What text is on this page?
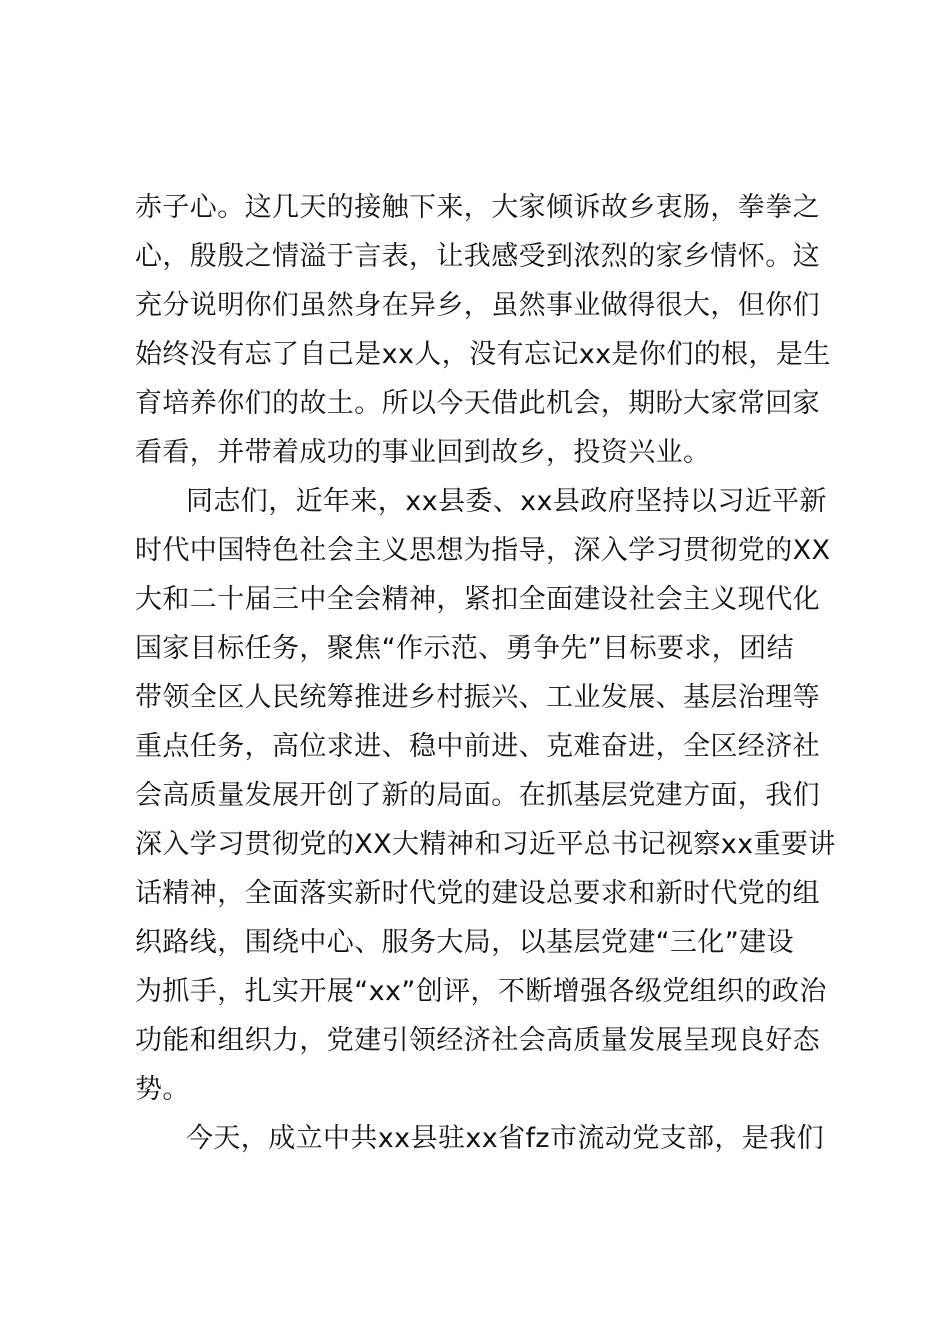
赤子心。这几天的接触下来，大家倾诉故乡衷肠，拳拳之
心，殷殷之情溢于言表，让我感受到浓烈的家乡情怀。这
充分说明你们虽然身在异乡，虽然事业做得很大，但你们
始终没有忘了自己是xx人，没有忘记xx是你们的根，是生
育培养你们的故土。所以今天借此机会，期盼大家常回家
看看，并带着成功的事业回到故乡，投资兴业。
同志们，近年来，xx县委、xx县政府坚持以习近平新
时代中国特色社会主义思想为指导，深入学习贯彻党的XX
大和二十届三中全会精神，紧扣全面建设社会主义现代化
国家目标任务，聚焦“作示范、勇争先”目标要求，团结
带领全区人民统筹推进乡村振兴、工业发展、基层治理等
重点任务，高位求进、稳中前进、克难奋进，全区经济社
会高质量发展开创了新的局面。在抓基层党建方面，我们
深入学习贯彻党的XX大精神和习近平总书记视察xx重要讲
话精神，全面落实新时代党的建设总要求和新时代党的组
织路线，围绕中心、服务大局，以基层党建“三化”建设
为抓手，扎实开展“xx”创评，不断增强各级党组织的政治
功能和组织力，党建引领经济社会高质量发展呈现良好态
势。
今天，成立中共xx县驻xx省fz市流动党支部，是我们
